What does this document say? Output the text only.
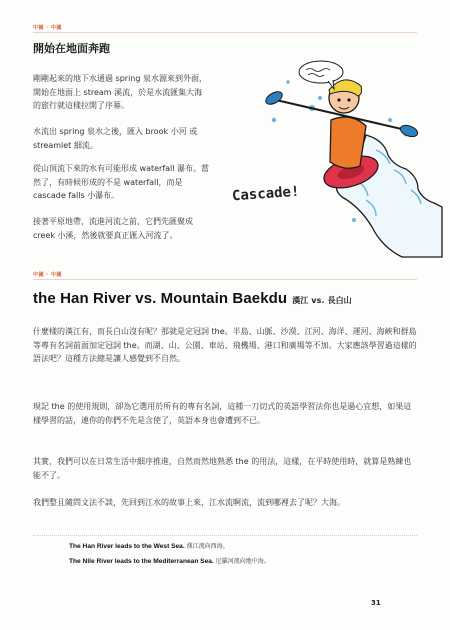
中國 · 中國
開始在地面奔跑
剛剛起來的地下水通過 spring 泉水源來到外面，開始在地面上 stream 溪流，於是水流匯集大海的旅行就這樣拉開了序幕。
水流出 spring 泉水之後，匯入 brook 小河 或 streamlet 細流。
從山頂流下來的水有可能形成 waterfall 瀑布。當然了，有時候形成的不是 waterfall，而是 cascade falls 小瀑布。
接著平原地帶，流進河流之前，它們先匯聚成 creek 小溪，然後就要真正匯入河流了。
Cascade!
中國 · 中國
the Han River vs. Mountain Baekdu 漢江 vs. 長白山
什麼樣的漢江有，而長白山沒有呢？那就是定冠詞 the。半島、山脈、沙漠、江河、海洋、運河、海峽和群島等專有名詞前面加定冠詞 the。而湖、山、公園、車站、飛機場、港口和廣場等不加。大家應該學習過這樣的語法吧？這種方法總是讓人感覺到不自然。
現記 the 的使用規則，卻為它選用於所有的專有名詞，這種一刀切式的英語學習法你也是過心宜想，如果這樣學習的話，連你的你們不先是含使了，英語本身也會遭到不已。
其實，我們可以在日常生活中細序推進，自然而然地熟悉 the 的用法，這樣，在平時使用時，就算是熟練也能不了。
我們整且隨問文法不談，先回到江水的故事上來，江水流啊流，流到哪裡去了呢？大海。
The Han River leads to the West Sea. 漢江流向西海。
The Nile River leads to the Mediterranean Sea. 尼羅河流向地中海。
31
